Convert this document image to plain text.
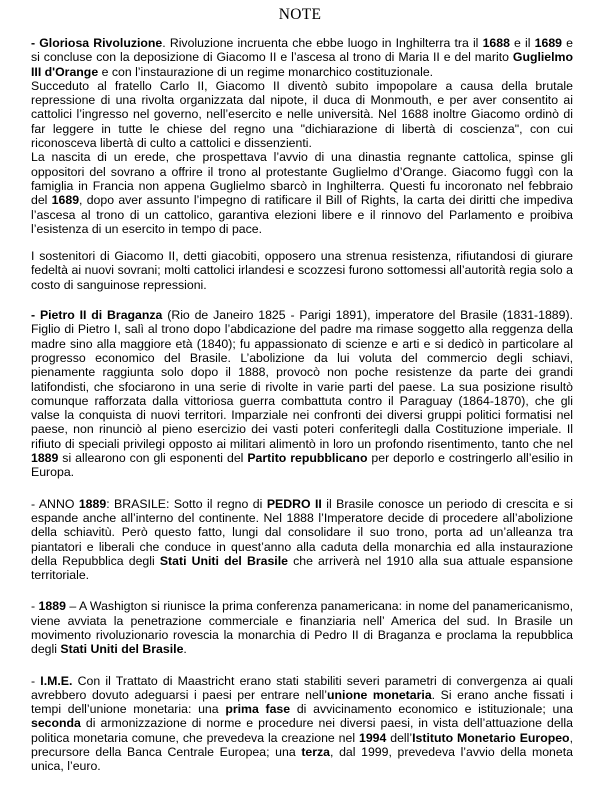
NOTE

- Gloriosa Rivoluzione. Rivoluzione incruenta che ebbe luogo in Inghilterra tra il 1688 e il 1689 e si concluse con la deposizione di Giacomo II e l’ascesa al trono di Maria II e del marito Guglielmo III d'Orange e con l’instaurazione di un regime monarchico costituzionale.

Succeduto al fratello Carlo II, Giacomo II diventò subito impopolare a causa della brutale repressione di una rivolta organizzata dal nipote, il duca di Monmouth, e per aver consentito ai cattolici l’ingresso nel governo, nell’esercito e nelle università. Nel 1688 inoltre Giacomo ordinò di far leggere in tutte le chiese del regno una "dichiarazione di libertà di coscienza", con cui riconosceva libertà di culto a cattolici e dissenzienti.

La nascita di un erede, che prospettava l’avvio di una dinastia regnante cattolica, spinse gli oppositori del sovrano a offrire il trono al protestante Guglielmo d’Orange. Giacomo fuggì con la famiglia in Francia non appena Guglielmo sbarcò in Inghilterra. Questi fu incoronato nel febbraio del 1689, dopo aver assunto l’impegno di ratificare il Bill of Rights, la carta dei diritti che impediva l’ascesa al trono di un cattolico, garantiva elezioni libere e il rinnovo del Parlamento e proibiva l’esistenza di un esercito in tempo di pace.

I sostenitori di Giacomo II, detti giacobiti, opposero una strenua resistenza, rifiutandosi di giurare fedeltà ai nuovi sovrani; molti cattolici irlandesi e scozzesi furono sottomessi all’autorità regia solo a costo di sanguinose repressioni.

- Pietro II di Braganza (Rio de Janeiro 1825 - Parigi 1891), imperatore del Brasile (1831-1889). Figlio di Pietro I, salì al trono dopo l’abdicazione del padre ma rimase soggetto alla reggenza della madre sino alla maggiore età (1840); fu appassionato di scienze e arti e si dedicò in particolare al progresso economico del Brasile. L’abolizione da lui voluta del commercio degli schiavi, pienamente raggiunta solo dopo il 1888, provocò non poche resistenze da parte dei grandi latifondisti, che sfociarono in una serie di rivolte in varie parti del paese. La sua posizione risultò comunque rafforzata dalla vittoriosa guerra combattuta contro il Paraguay (1864-1870), che gli valse la conquista di nuovi territori. Imparziale nei confronti dei diversi gruppi politici formatisi nel paese, non rinunciò al pieno esercizio dei vasti poteri conferitegli dalla Costituzione imperiale. Il rifiuto di speciali privilegi opposto ai militari alimentò in loro un profondo risentimento, tanto che nel 1889 si allearono con gli esponenti del Partito repubblicano per deporlo e costringerlo all’esilio in Europa.

- ANNO 1889: BRASILE: Sotto il regno di PEDRO II il Brasile conosce un periodo di crescita e si espande anche all’interno del continente. Nel 1888 l’Imperatore decide di procedere all’abolizione della schiavitù. Però questo fatto, lungi dal consolidare il suo trono, porta ad un’alleanza tra piantatori e liberali che conduce in quest’anno alla caduta della monarchia ed alla instaurazione della Repubblica degli Stati Uniti del Brasile che arriverà nel 1910 alla sua attuale espansione territoriale.

- 1889 – A Washigton si riunisce la prima conferenza panamericana: in nome del panamericanismo, viene avviata la penetrazione commerciale e finanziaria nell’ America del sud. In Brasile un movimento rivoluzionario rovescia la monarchia di Pedro II di Braganza e proclama la repubblica degli Stati Uniti del Brasile.

- I.M.E. Con il Trattato di Maastricht erano stati stabiliti severi parametri di convergenza ai quali avrebbero dovuto adeguarsi i paesi per entrare nell’unione monetaria. Si erano anche fissati i tempi dell’unione monetaria: una prima fase di avvicinamento economico e istituzionale; una seconda di armonizzazione di norme e procedure nei diversi paesi, in vista dell’attuazione della politica monetaria comune, che prevedeva la creazione nel 1994 dell’Istituto Monetario Europeo, precursore della Banca Centrale Europea; una terza, dal 1999, prevedeva l’avvio della moneta unica, l’euro.
